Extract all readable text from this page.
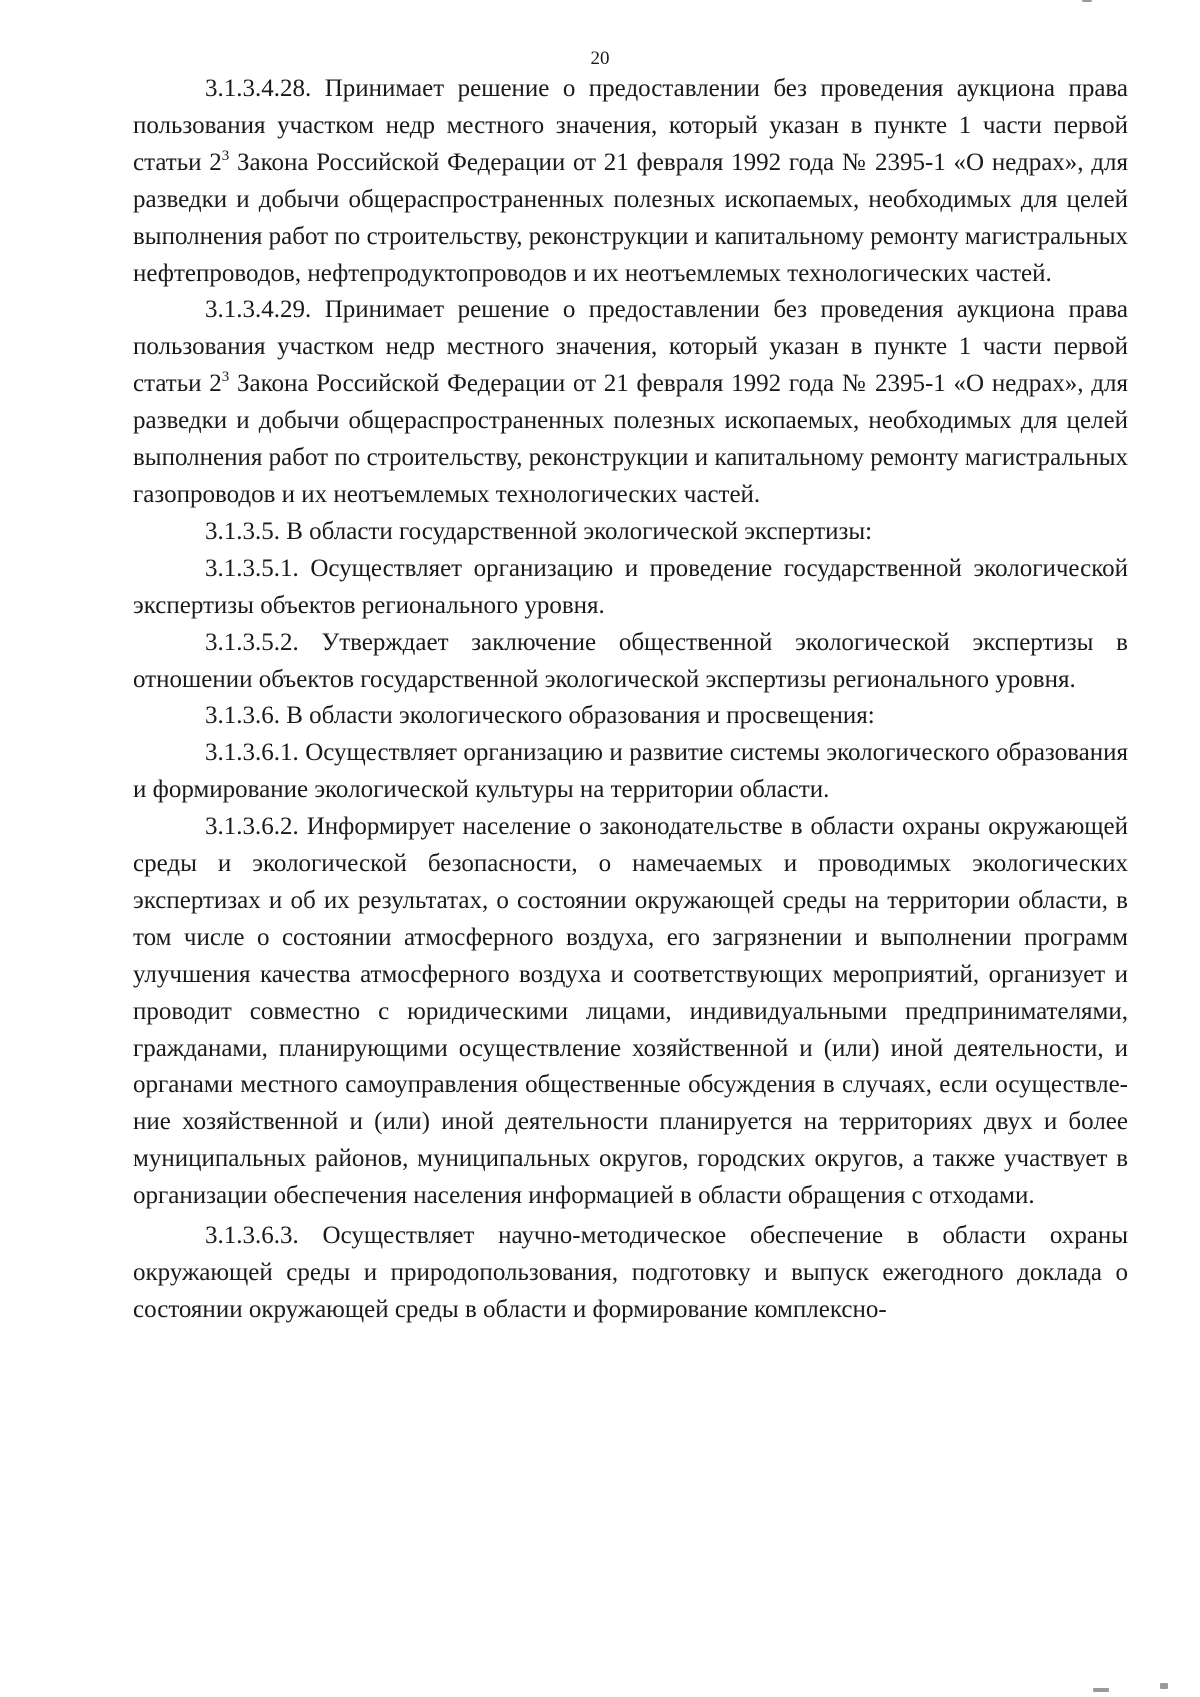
20

3.1.3.4.28. Принимает решение о предоставлении без проведения аукциона права пользования участком недр местного значения, который указан в пункте 1 части первой статьи $2^3$ Закона Российской Федерации от 21 февраля 1992 года № 2395-1 «О недрах», для разведки и добычи общераспространенных полезных ископаемых, необходимых для целей выполнения работ по строительству, реконструкции и капитальному ремонту магистральных нефтепроводов, нефтепродуктопроводов и их неотъемлемых технологических частей.

3.1.3.4.29. Принимает решение о предоставлении без проведения аукциона права пользования участком недр местного значения, который указан в пункте 1 части первой статьи $2^3$ Закона Российской Федерации от 21 февраля 1992 года № 2395-1 «О недрах», для разведки и добычи общераспространенных полезных ископаемых, необходимых для целей выполнения работ по строительству, реконструкции и капитальному ремонту магистральных газопроводов и их неотъемлемых технологических частей.

3.1.3.5. В области государственной экологической экспертизы:

3.1.3.5.1. Осуществляет организацию и проведение государственной экологической экспертизы объектов регионального уровня.

3.1.3.5.2. Утверждает заключение общественной экологической экспертизы в отношении объектов государственной экологической экспертизы регионального уровня.

3.1.3.6. В области экологического образования и просвещения:

3.1.3.6.1. Осуществляет организацию и развитие системы экологического образования и формирование экологической культуры на территории области.

3.1.3.6.2. Информирует население о законодательстве в области охраны окружающей среды и экологической безопасности, о намечаемых и проводимых экологических экспертизах и об их результатах, о состоянии окружающей среды на территории области, в том числе о состоянии атмосферного воздуха, его загрязнении и выполнении программ улучшения качества атмосферного воздуха и соответствующих мероприятий, организует и проводит совместно с юридическими лицами, индивидуальными предпринимателями, гражданами, планирующими осуществление хозяйственной и (или) иной деятельности, и органами местного самоуправления общественные обсуждения в случаях, если осуществление хозяйственной и (или) иной деятельности планируется на территориях двух и более муниципальных районов, муниципальных округов, городских округов, а также участвует в организации обеспечения населения информацией в области обращения с отходами.

3.1.3.6.3. Осуществляет научно-методическое обеспечение в области охраны окружающей среды и природопользования, подготовку и выпуск ежегодного доклада о состоянии окружающей среды в области и формирование комплексно-
